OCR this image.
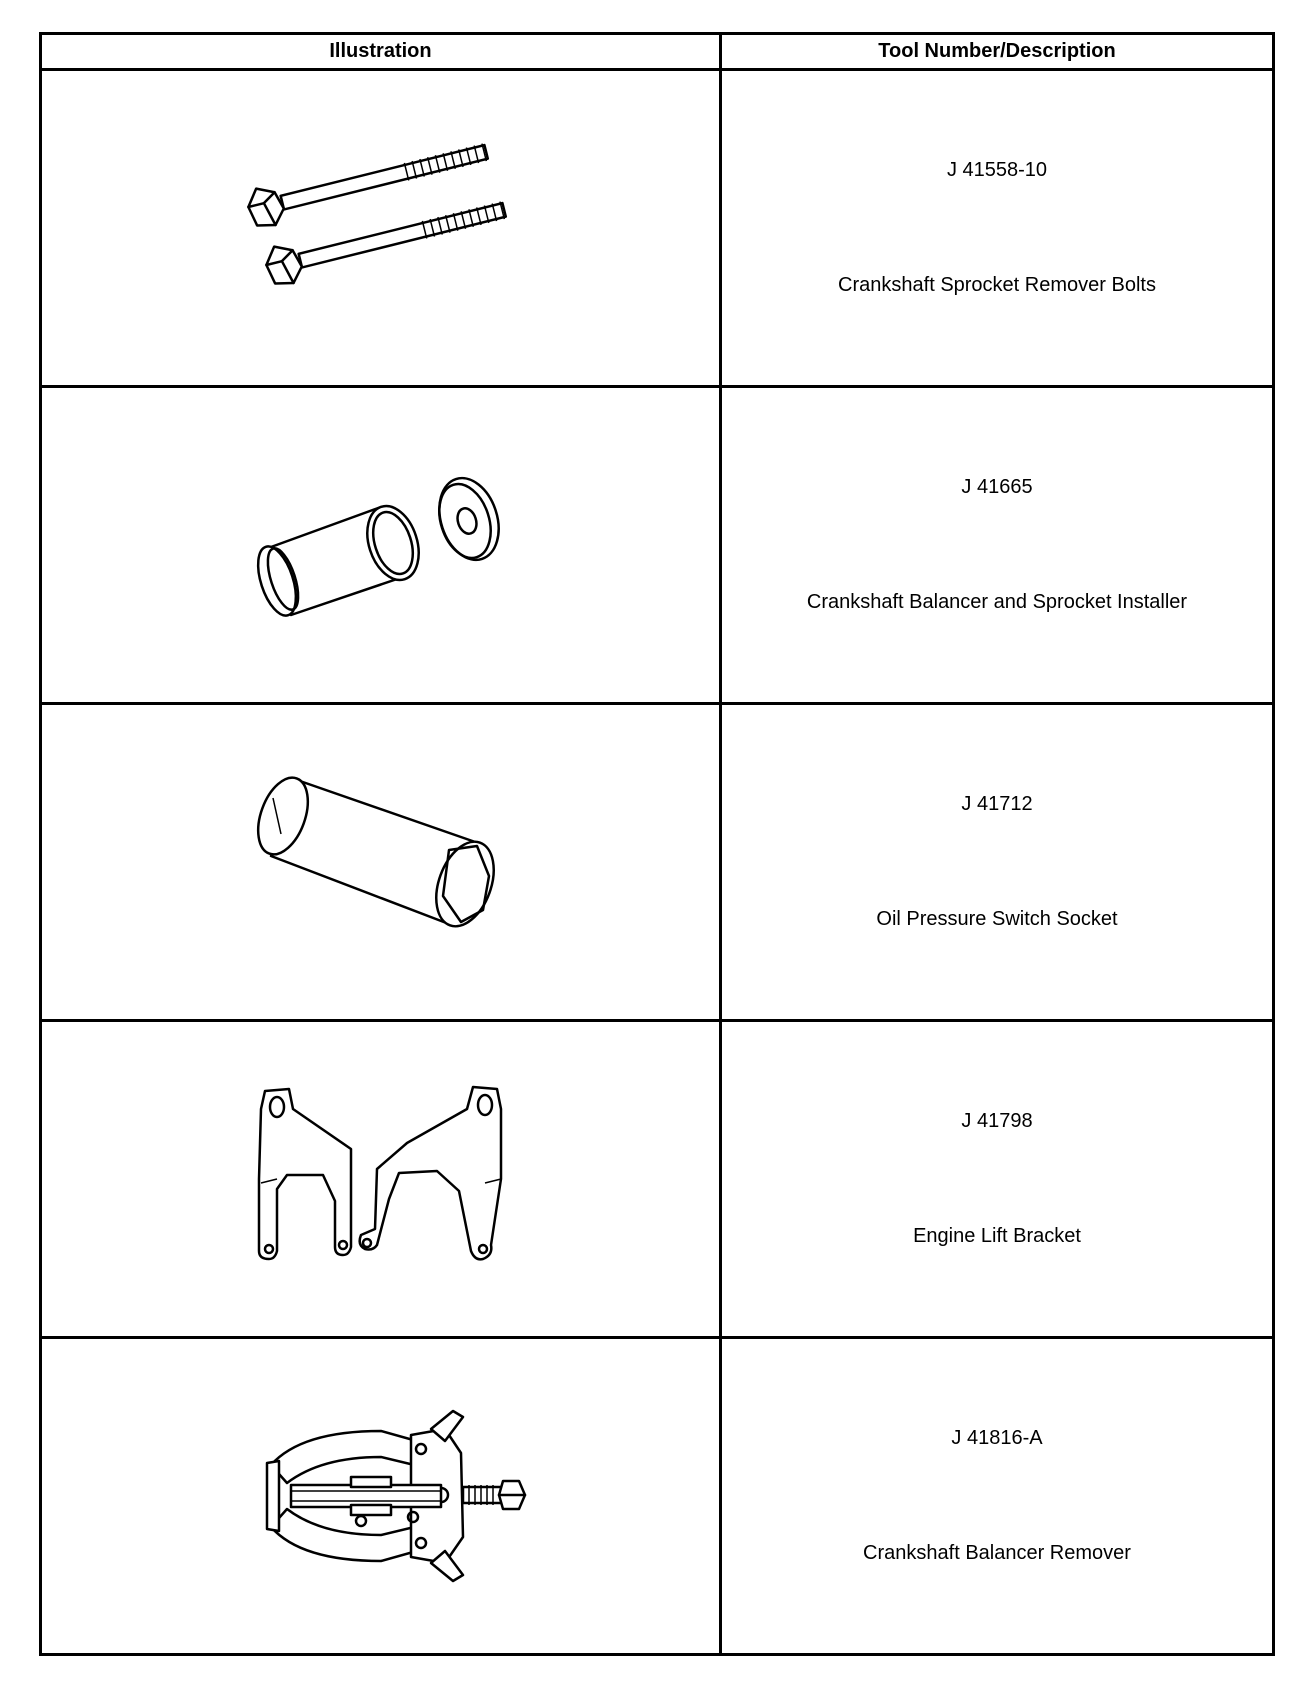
Illustration	Tool Number/Description

J 41558-10
Crankshaft Sprocket Remover Bolts

J 41665
Crankshaft Balancer and Sprocket Installer

J 41712
Oil Pressure Switch Socket

J 41798
Engine Lift Bracket

J 41816-A
Crankshaft Balancer Remover
